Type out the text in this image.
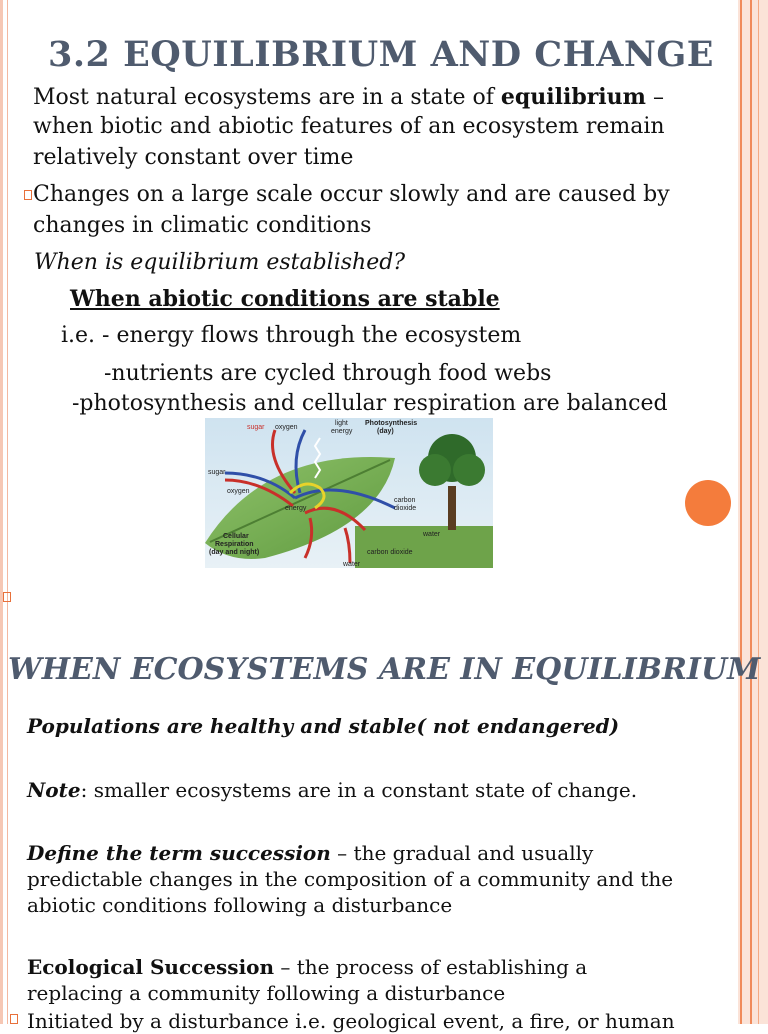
3.2 EQUILIBRIUM AND CHANGE
Most natural ecosystems are in a state of equilibrium –
when biotic and abiotic features of an ecosystem remain
relatively constant over time
Changes on a large scale occur slowly and are caused by
changes in climatic conditions
When is equilibrium established?
When abiotic conditions are stable
i.e. - energy flows through the ecosystem
-nutrients are cycled through food webs
-photosynthesis and cellular respiration are balanced
sugar oxygen
light energy
Photosynthesis (day)
sugar
oxygen
energy
carbon dioxide
Cellular Respiration (day and night)	carbon dioxide
water
water
WHEN ECOSYSTEMS ARE IN EQUILIBRIUM
Populations are healthy and stable( not endangered)
Note: smaller ecosystems are in a constant state of change.
Define the term succession – the gradual and usually
predictable changes in the composition of a community and the
abiotic conditions following a disturbance
Ecological Succession – the process of establishing a
replacing a community following a disturbance
Initiated by a disturbance i.e. geological event, a fire, or human
